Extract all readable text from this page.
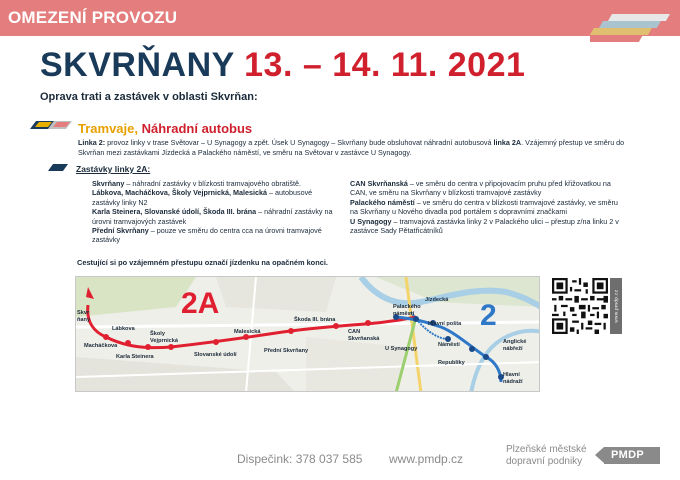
OMEZENÍ PROVOZU
SKVRŇANY 13. – 14. 11. 2021
Oprava trati a zastávek v oblasti Skvrňan:
Tramvaje, Náhradní autobus
Linka 2: provoz linky v trase Světovar – U Synagogy a zpět. Úsek U Synagogy – Skvrňany bude obsluhovat náhradní autobusová linka 2A. Vzájemný přestup ve směru do Skvrňan mezi zastávkami Jízdecká a Palackého náměstí, ve směru na Světovar v zastávce U Synagogy.
Zastávky linky 2A:
Skvrňany – náhradní zastávky v blízkosti tramvajového obratiště.
Lábkova, Macháčkova, Školy Vejprnická, Malesická – autobusové zastávky linky N2
Karla Steinera, Slovanské údolí, Škoda III. brána – náhradní zastávky na úrovni tramvajových zastávek
Přední Skvrňany – pouze ve směru do centra cca na úrovni tramvajové zastávky
CAN Skvrňanská – ve směru do centra v připojovacím pruhu před křižovatkou na CAN, ve směru na Skvrňany v blízkosti tramvajové zastávky
Palackého náměstí – ve směru do centra v blízkosti tramvajové zastávky, ve směru na Skvrňany u Nového divadla pod portálem s dopravními značkami
U Synagogy – tramvajová zastávka linky 2 v Palackého ulici – přestup z/na linku 2 v zastávce Sady Pětatřicátníků
Cestující si po vzájemném přestupu označí jízdenku na opačném konci.
2A	2
Skvr
ňany
Lábkova
Macháčkova
Školy
Vejprnická
Karla Steinera
Malesická
Slovanské údolí
Přední Skvrňany
Škoda III. brána
CAN
Skvrňanská
Palackého
náměstí
U Synagogy
Jízdecká
Hlavní pošta
Náměstí
Republiky
Anglické
nábřeží
Hlavní
nádraží
www.pmdp.cz
Dispečink: 378 037 585 www.pmdp.cz
Plzeňské městské
dopravní podniky
PMDP
